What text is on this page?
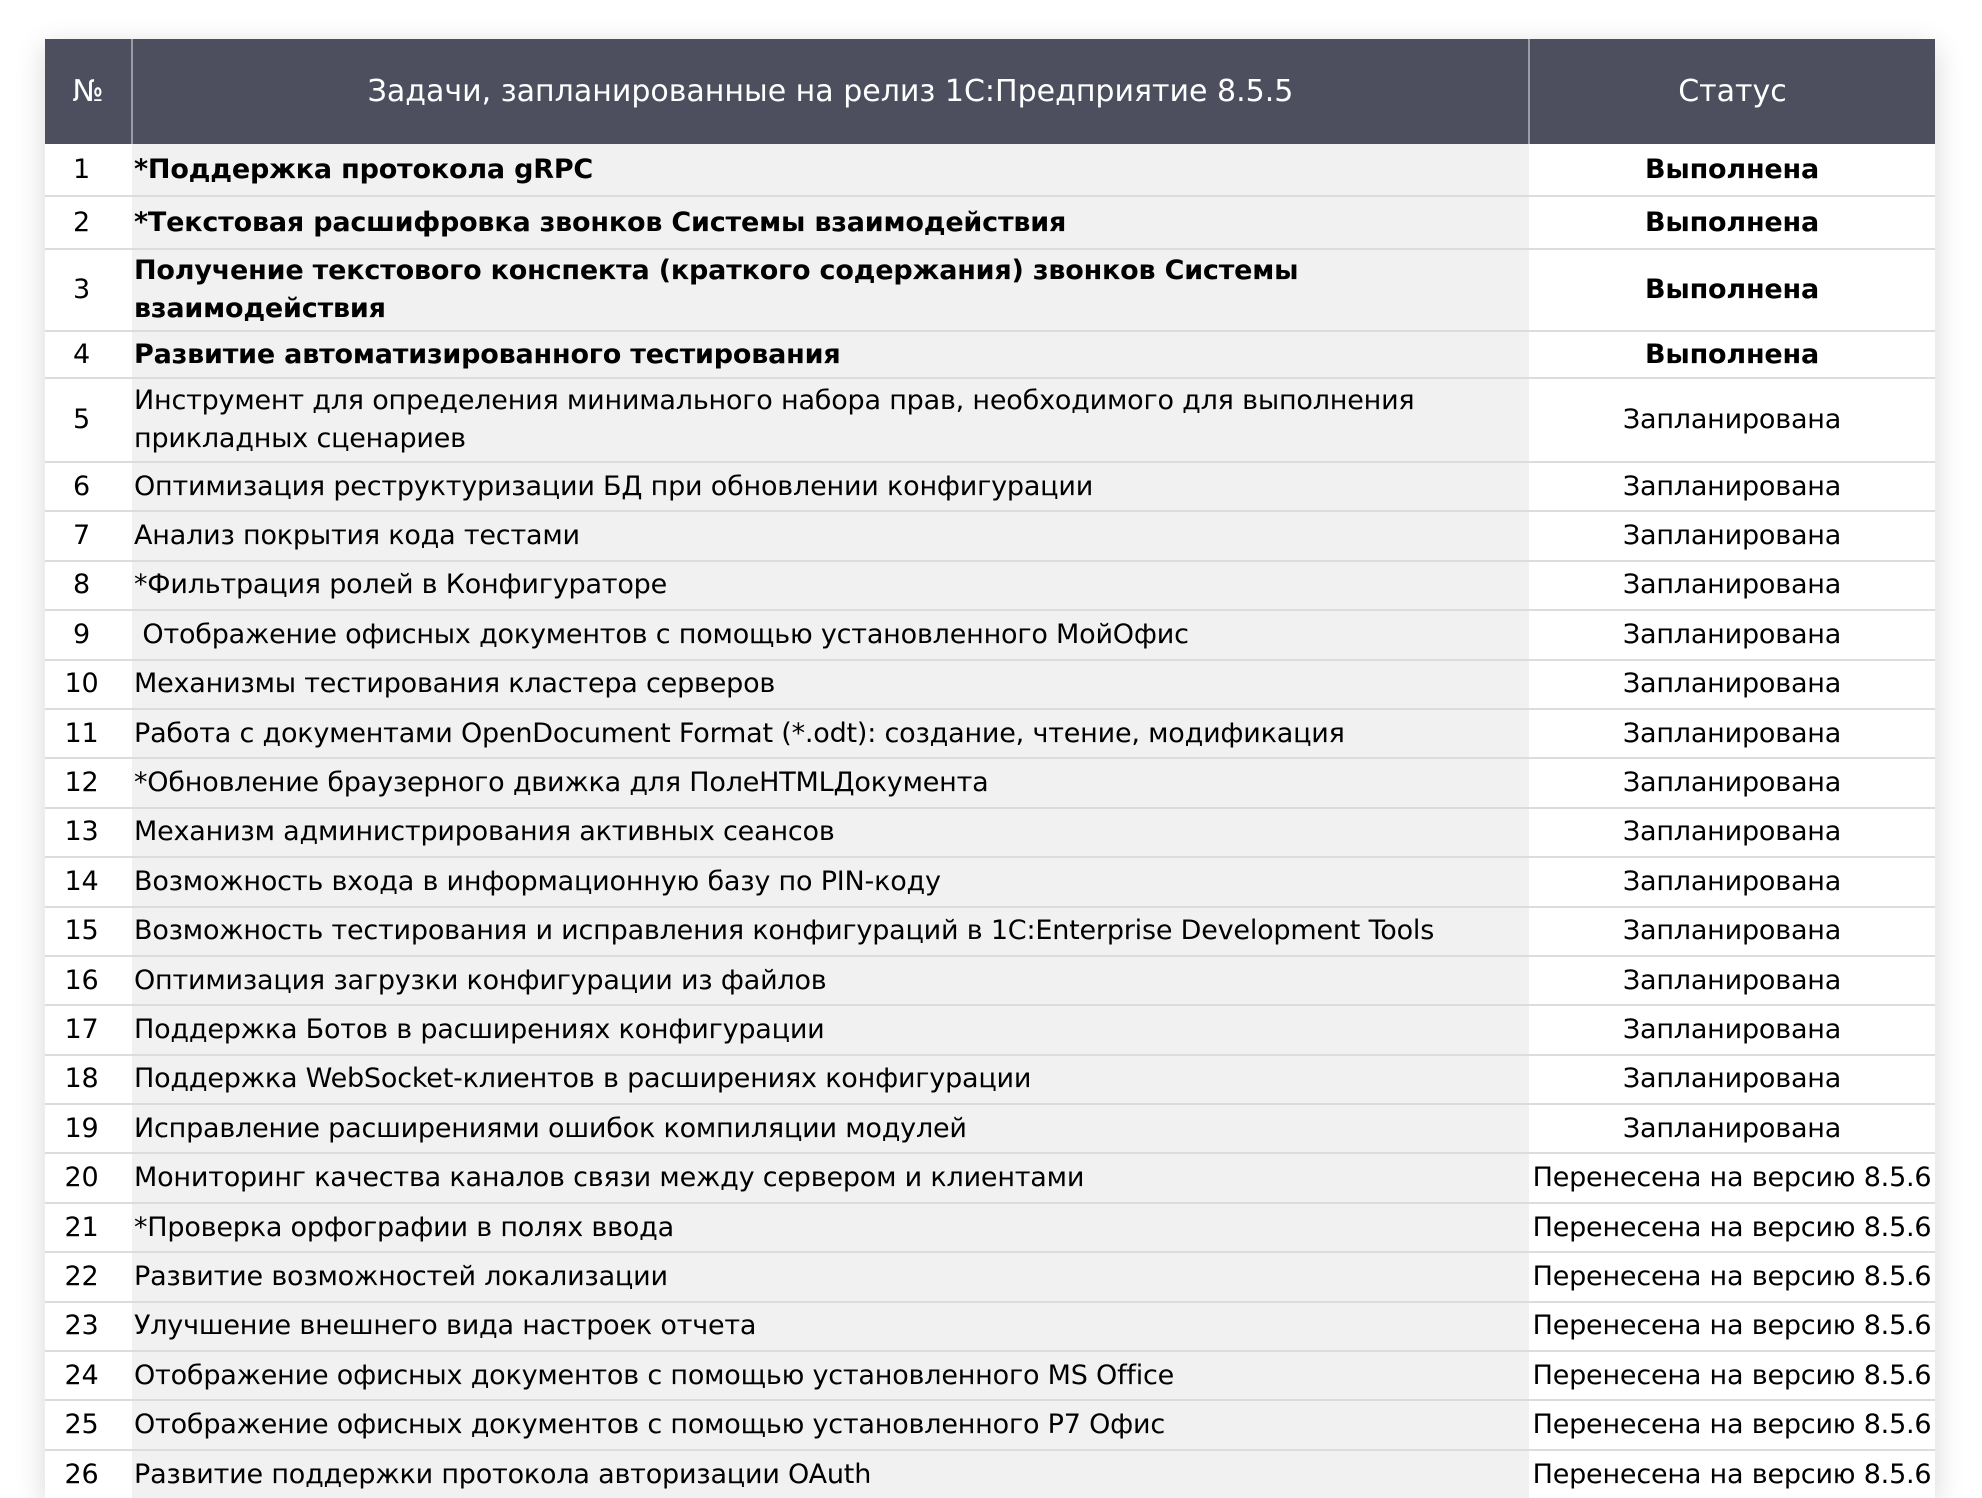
№	Задачи, запланированные на релиз 1С:Предприятие 8.5.5	Статус
1	*Поддержка протокола gRPC	Выполнена
2	*Текстовая расшифровка звонков Системы взаимодействия	Выполнена
3	Получение текстового конспекта (краткого содержания) звонков Системы взаимодействия	Выполнена
4	Развитие автоматизированного тестирования	Выполнена
5	Инструмент для определения минимального набора прав, необходимого для выполнения прикладных сценариев	Запланирована
6	Оптимизация реструктуризации БД при обновлении конфигурации	Запланирована
7	Анализ покрытия кода тестами	Запланирована
8	*Фильтрация ролей в Конфигураторе	Запланирована
9	Отображение офисных документов с помощью установленного МойОфис	Запланирована
10	Механизмы тестирования кластера серверов	Запланирована
11	Работа с документами OpenDocument Format (*.odt): создание, чтение, модификация	Запланирована
12	*Обновление браузерного движка для ПолеHTMLДокумента	Запланирована
13	Механизм администрирования активных сеансов	Запланирована
14	Возможность входа в информационную базу по PIN-коду	Запланирована
15	Возможность тестирования и исправления конфигураций в 1C:Enterprise Development Tools	Запланирована
16	Оптимизация загрузки конфигурации из файлов	Запланирована
17	Поддержка Ботов в расширениях конфигурации	Запланирована
18	Поддержка WebSocket-клиентов в расширениях конфигурации	Запланирована
19	Исправление расширениями ошибок компиляции модулей	Запланирована
20	Мониторинг качества каналов связи между сервером и клиентами	Перенесена на версию 8.5.6
21	*Проверка орфографии в полях ввода	Перенесена на версию 8.5.6
22	Развитие возможностей локализации	Перенесена на версию 8.5.6
23	Улучшение внешнего вида настроек отчета	Перенесена на версию 8.5.6
24	Отображение офисных документов с помощью установленного MS Office	Перенесена на версию 8.5.6
25	Отображение офисных документов с помощью установленного Р7 Офис	Перенесена на версию 8.5.6
26	Развитие поддержки протокола авторизации OAuth	Перенесена на версию 8.5.6
